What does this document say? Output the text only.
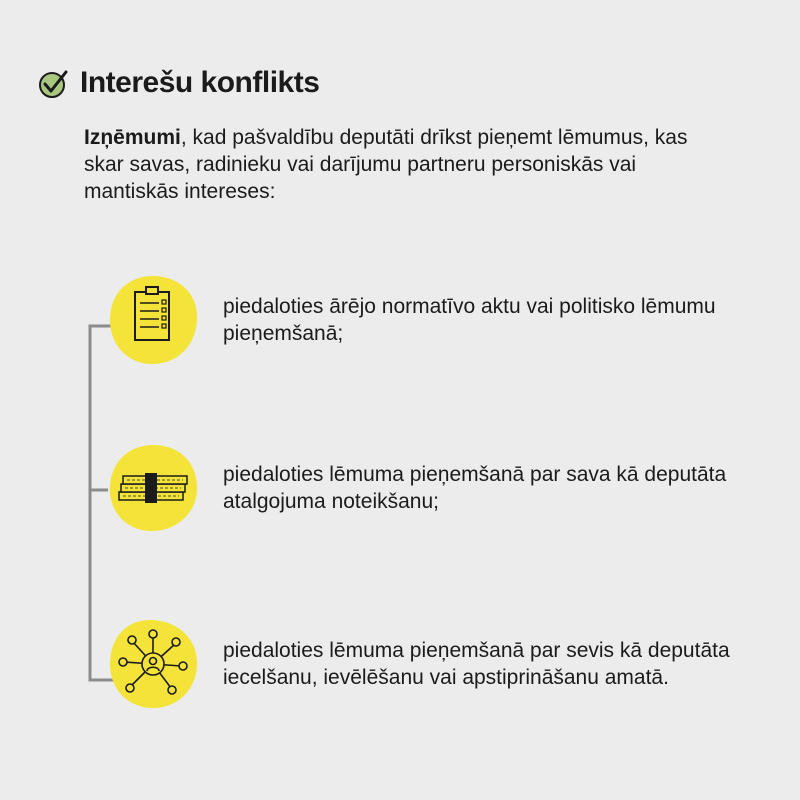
Interešu konflikts
Izņēmumi, kad pašvaldību deputāti drīkst pieņemt lēmumus, kas skar savas, radinieku vai darījumu partneru personiskās vai mantiskās intereses:
piedaloties ārējo normatīvo aktu vai politisko lēmumu pieņemšanā;
piedaloties lēmuma pieņemšanā par sava kā deputāta atalgojuma noteikšanu;
piedaloties lēmuma pieņemšanā par sevis kā deputāta iecelšanu, ievēlēšanu vai apstiprināšanu amatā.
